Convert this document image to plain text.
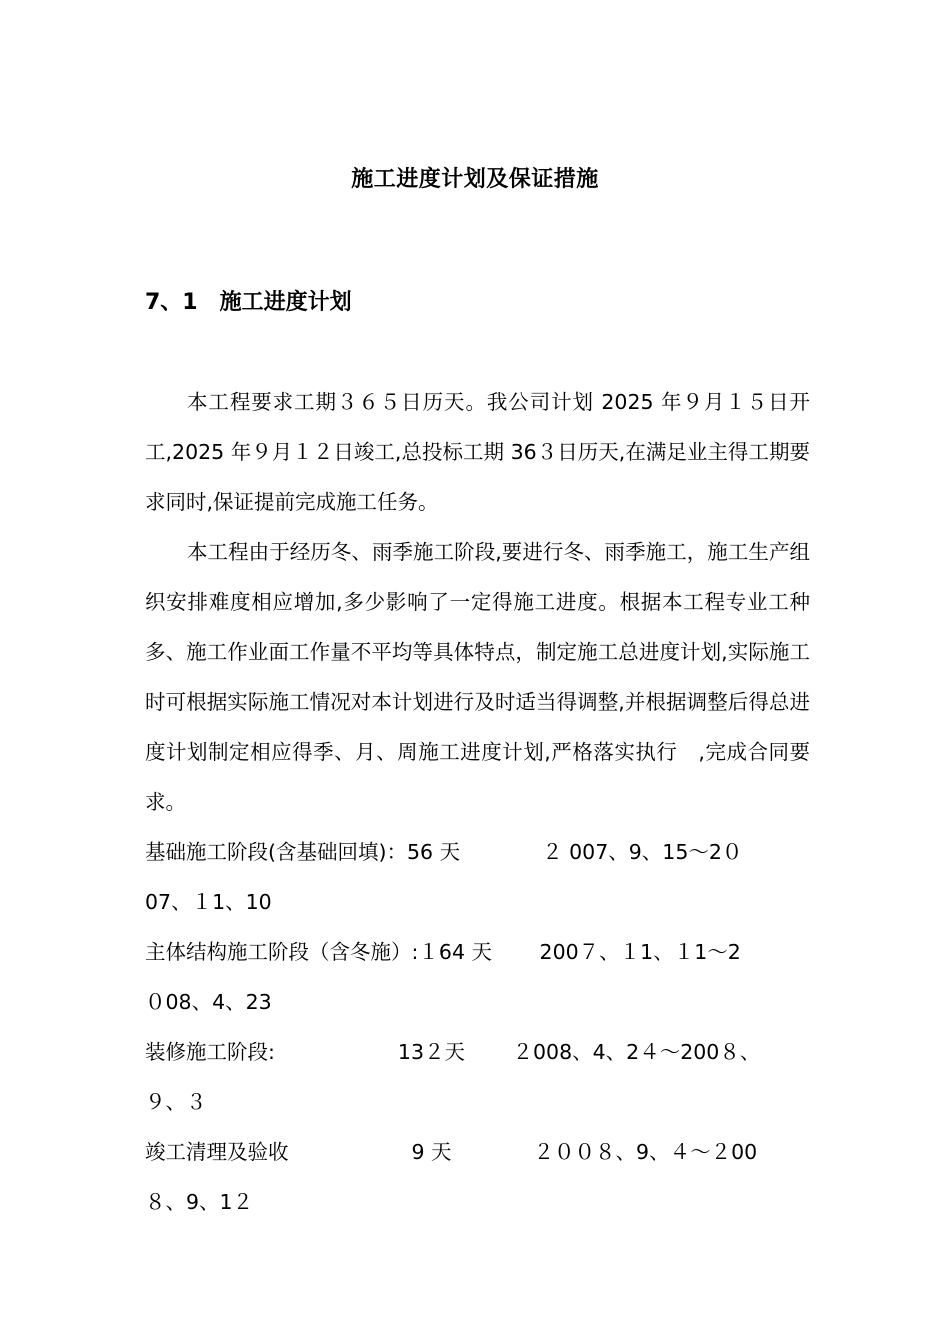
施工进度计划及保证措施
7、1 施工进度计划

本工程要求工期３６５日历天。我公司计划 2025 年９月１５日开工,2025 年９月１２日竣工,总投标工期 36３日历天,在满足业主得工期要求同时,保证提前完成施工任务。

本工程由于经历冬、雨季施工阶段,要进行冬、雨季施工，施工生产组织安排难度相应增加,多少影响了一定得施工进度。根据本工程专业工种多、施工作业面工作量不平均等具体特点，制定施工总进度计划,实际施工时可根据实际施工情况对本计划进行及时适当得调整,并根据调整后得总进度计划制定相应得季、月、周施工进度计划,严格落实执行　,完成合同要求。

基础施工阶段(含基础回填)：56 天　　　　２ 007、9、15～2０

07、１1、10

主体结构施工阶段（含冬施）:１64 天　　 200７、１1、１1～2

０08、4、23

装修施工阶段:　　　　　　13２天　　 ２008、4、2４～200８、

９、３

竣工清理及验收　　　　　　9 天　　　　２００８、9、４～２00

８、9、1２
